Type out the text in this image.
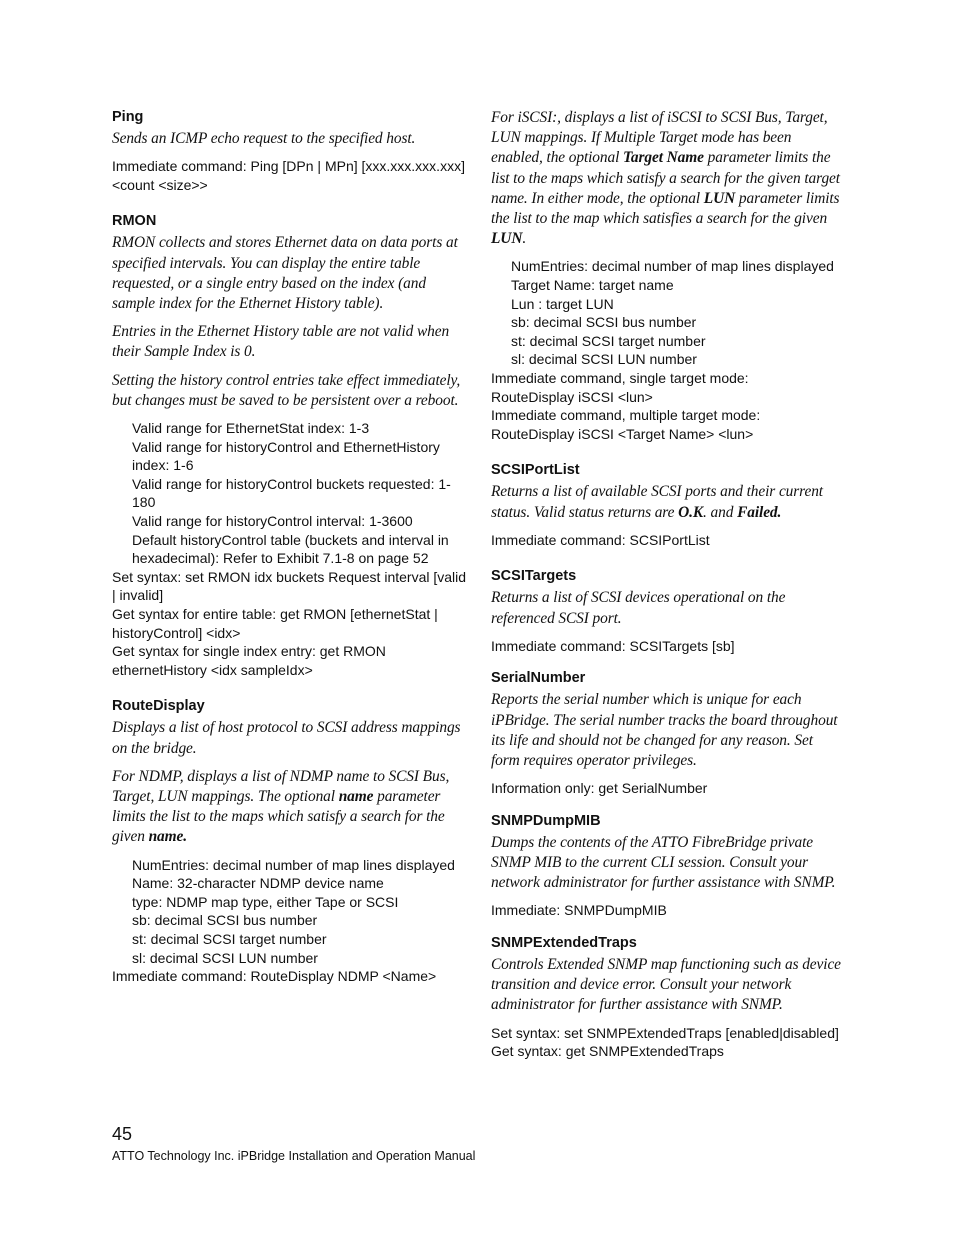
Ping

Sends an ICMP echo request to the specified host.

Immediate command: Ping [DPn | MPn] [xxx.xxx.xxx.xxx]

<count <size>>

RMON

RMON collects and stores Ethernet data on data ports at specified intervals. You can display the entire table requested, or a single entry based on the index (and sample index for the Ethernet History table).

Entries in the Ethernet History table are not valid when their Sample Index is 0.

Setting the history control entries take effect immediately, but changes must be saved to be persistent over a reboot.

Valid range for EthernetStat index: 1-3

Valid range for historyControl and EthernetHistory index: 1-6

Valid range for historyControl buckets requested: 1-180

Valid range for historyControl interval: 1-3600

Default historyControl table (buckets and interval in hexadecimal): Refer to Exhibit 7.1-8 on page 52

Set syntax: set RMON idx buckets Request interval [valid | invalid]

Get syntax for entire table: get RMON [ethernetStat | historyControl] <idx>

Get syntax for single index entry: get RMON ethernetHistory <idx sampleIdx>

RouteDisplay

Displays a list of host protocol to SCSI address mappings on the bridge.

For NDMP, displays a list of NDMP name to SCSI Bus, Target, LUN mappings. The optional name parameter limits the list to the maps which satisfy a search for the given name.

NumEntries: decimal number of map lines displayed

Name: 32-character NDMP device name

type: NDMP map type, either Tape or SCSI

sb: decimal SCSI bus number

st: decimal SCSI target number

sl: decimal SCSI LUN number

Immediate command: RouteDisplay NDMP <Name>

For iSCSI:, displays a list of iSCSI to SCSI Bus, Target, LUN mappings. If Multiple Target mode has been enabled, the optional Target Name parameter limits the list to the maps which satisfy a search for the given target name. In either mode, the optional LUN parameter limits the list to the map which satisfies a search for the given LUN.

NumEntries: decimal number of map lines displayed

Target Name: target name

Lun : target LUN

sb: decimal SCSI bus number

st: decimal SCSI target number

sl: decimal SCSI LUN number

Immediate command, single target mode:

RouteDisplay iSCSI <lun>

Immediate command, multiple target mode:

RouteDisplay iSCSI <Target Name> <lun>

SCSIPortList

Returns a list of available SCSI ports and their current status. Valid status returns are O.K. and Failed.

Immediate command: SCSIPortList

SCSITargets

Returns a list of SCSI devices operational on the referenced SCSI port.

Immediate command: SCSITargets [sb]

SerialNumber

Reports the serial number which is unique for each iPBridge. The serial number tracks the board throughout its life and should not be changed for any reason. Set form requires operator privileges.

Information only: get SerialNumber

SNMPDumpMIB

Dumps the contents of the ATTO FibreBridge private SNMP MIB to the current CLI session. Consult your network administrator for further assistance with SNMP.

Immediate: SNMPDumpMIB

SNMPExtendedTraps

Controls Extended SNMP map functioning such as device transition and device error. Consult your network administrator for further assistance with SNMP.

Set syntax: set SNMPExtendedTraps [enabled|disabled]

Get syntax: get SNMPExtendedTraps

45
ATTO Technology Inc. iPBridge Installation and Operation Manual
